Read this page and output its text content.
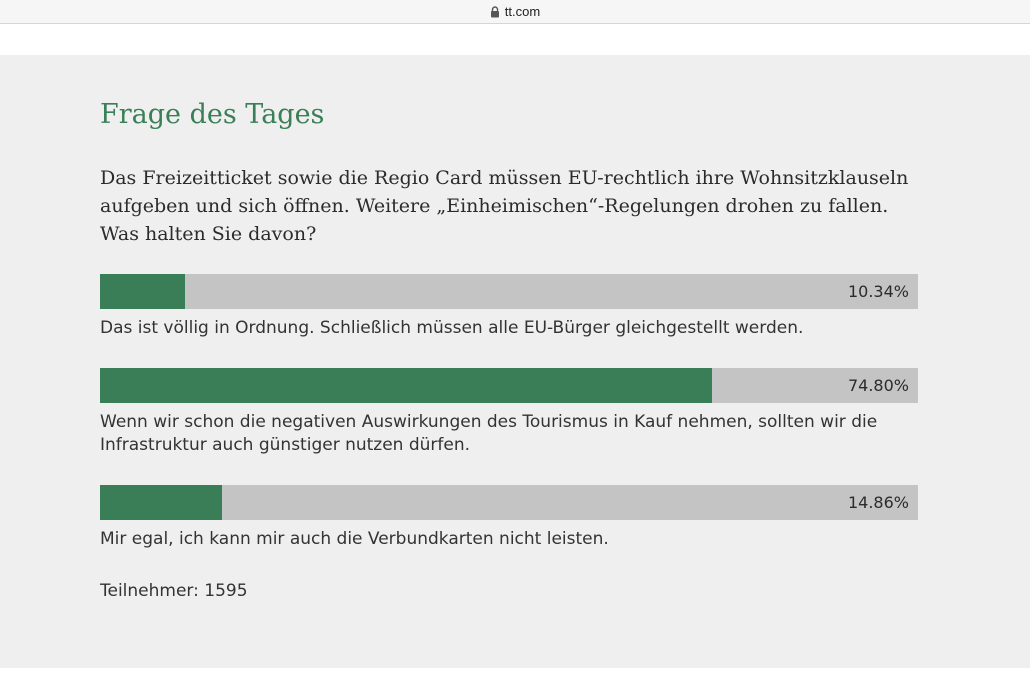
tt.com
Frage des Tages

Das Freizeitticket sowie die Regio Card müssen EU-rechtlich ihre Wohnsitzklauseln aufgeben und sich öffnen. Weitere „Einheimischen“-Regelungen drohen zu fallen. Was halten Sie davon?

10.34%

Das ist völlig in Ordnung. Schließlich müssen alle EU-Bürger gleichgestellt werden.

74.80%

Wenn wir schon die negativen Auswirkungen des Tourismus in Kauf nehmen, sollten wir die Infrastruktur auch günstiger nutzen dürfen.

14.86%

Mir egal, ich kann mir auch die Verbundkarten nicht leisten.

Teilnehmer: 1595
